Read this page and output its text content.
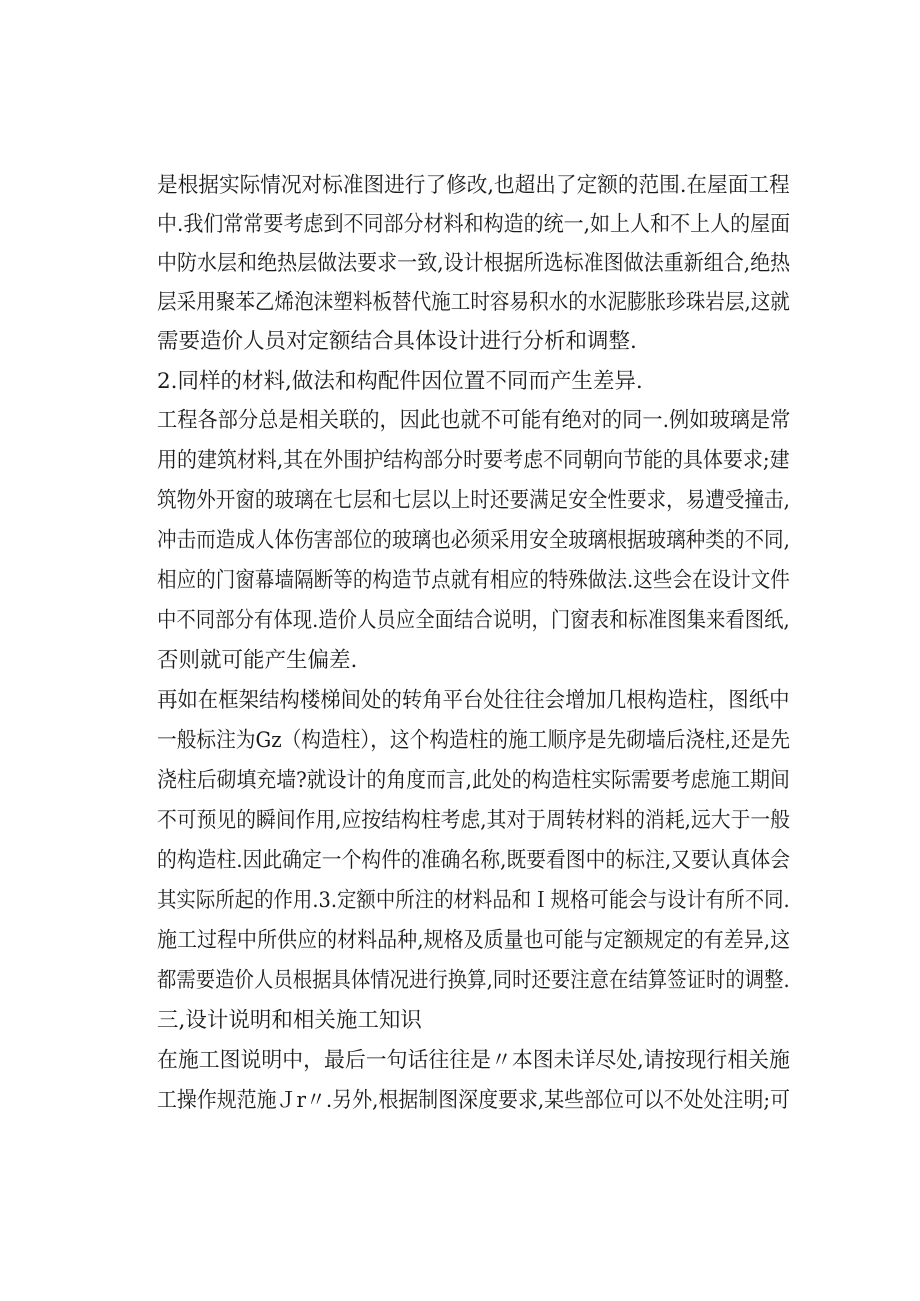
是根据实际情况对标准图进行了修改,也超出了定额的范围.在屋面工程

中.我们常常要考虑到不同部分材料和构造的统一,如上人和不上人的屋面

中防水层和绝热层做法要求一致,设计根据所选标准图做法重新组合,绝热

层采用聚苯乙烯泡沫塑料板替代施工时容易积水的水泥膨胀珍珠岩层,这就

需要造价人员对定额结合具体设计进行分析和调整.

2.同样的材料,做法和构配件因位置不同而产生差异.

工程各部分总是相关联的，因此也就不可能有绝对的同一.例如玻璃是常

用的建筑材料,其在外围护结构部分时要考虑不同朝向节能的具体要求;建

筑物外开窗的玻璃在七层和七层以上时还要满足安全性要求，易遭受撞击,

冲击而造成人体伤害部位的玻璃也必须采用安全玻璃根据玻璃种类的不同,

相应的门窗幕墙隔断等的构造节点就有相应的特殊做法.这些会在设计文件

中不同部分有体现.造价人员应全面结合说明，门窗表和标准图集来看图纸,

否则就可能产生偏差.

再如在框架结构楼梯间处的转角平台处往往会增加几根构造柱，图纸中

一般标注为Gz（构造柱），这个构造柱的施工顺序是先砌墙后浇柱,还是先

浇柱后砌填充墙?就设计的角度而言,此处的构造柱实际需要考虑施工期间

不可预见的瞬间作用,应按结构柱考虑,其对于周转材料的消耗,远大于一般

的构造柱.因此确定一个构件的准确名称,既要看图中的标注,又要认真体会

其实际所起的作用.3.定额中所注的材料品和Ｉ规格可能会与设计有所不同.

施工过程中所供应的材料品种,规格及质量也可能与定额规定的有差异,这

都需要造价人员根据具体情况进行换算,同时还要注意在结算签证时的调整.

三,设计说明和相关施工知识

在施工图说明中，最后一句话往往是〃本图未详尽处,请按现行相关施

工操作规范施Ｊr〃.另外,根据制图深度要求,某些部位可以不处处注明;可
